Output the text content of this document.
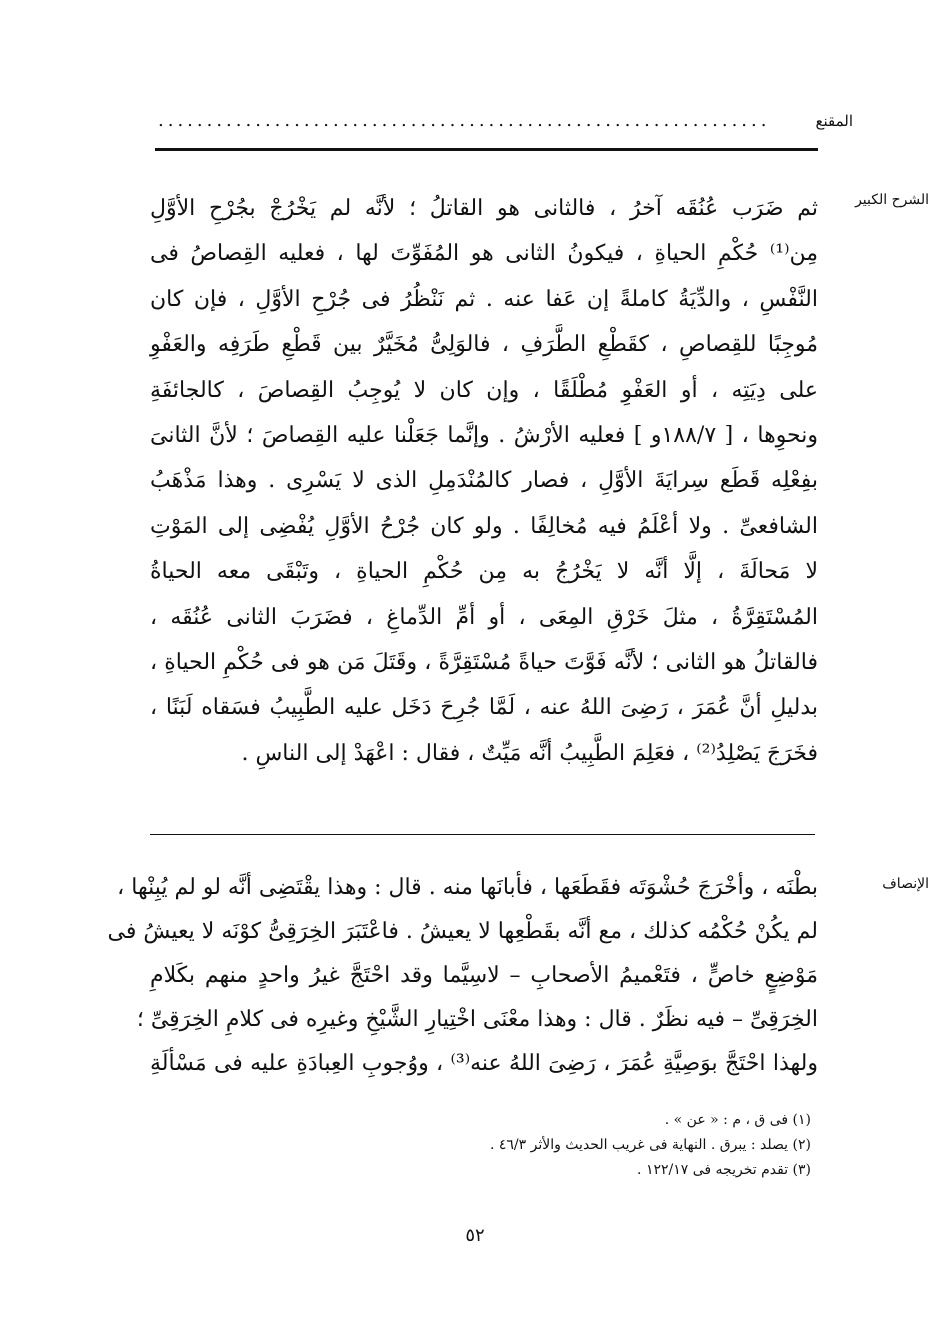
المقنع
...............................................................
الشرح الكبير
ثم ضَرَب عُنُقَه آخرُ ، فالثانى هو القاتلُ ؛ لأنَّه لم يَخْرُجْ بجُرْحِ الأوَّلِ
مِن⁽¹⁾ حُكْمِ الحياةِ ، فيكونُ الثانى هو المُفَوِّتَ لها ، فعليه القِصاصُ فى
النَّفْسِ ، والدِّيَةُ كاملةً إن عَفا عنه . ثم نَنْظُرُ فى جُرْحِ الأوَّلِ ، فإن كان
مُوجِبًا للقِصاصِ ، كقَطْعِ الطَّرَفِ ، فالوَلِىُّ مُخَيَّرٌ بين قَطْعِ طَرَفِه والعَفْوِ
على دِيَتِه ، أو العَفْوِ مُطْلَقًا ، وإن كان لا يُوجِبُ القِصاصَ ، كالجائفَةِ
ونحوِها ، [ ١٨٨/٧و ] فعليه الأرْشُ . وإنَّما جَعَلْنا عليه القِصاصَ ؛ لأنَّ الثانىَ
بفِعْلِه قَطَع سِرايَةَ الأوَّلِ ، فصار كالمُنْدَمِلِ الذى لا يَسْرِى . وهذا مَذْهَبُ
الشافعىِّ . ولا أعْلَمُ فيه مُخالِفًا . ولو كان جُرْحُ الأوَّلِ يُفْضِى إلى المَوْتِ
لا مَحالَةَ ، إلَّا أنَّه لا يَخْرُجُ به مِن حُكْمِ الحياةِ ، وتَبْقَى معه الحياةُ
المُسْتَقِرَّةُ ، مثلَ خَرْقِ المِعَى ، أو أمِّ الدِّماغِ ، فضَرَبَ الثانى عُنُقَه ،
فالقاتلُ هو الثانى ؛ لأنَّه فَوَّتَ حياةً مُسْتَقِرَّةً ، وقَتَلَ مَن هو فى حُكْمِ الحياةِ ،
بدليلِ أنَّ عُمَرَ ، رَضِىَ اللهُ عنه ، لَمَّا جُرِحَ دَخَل عليه الطَّبِيبُ فسَقاه لَبَنًا ،
فخَرَجَ يَصْلِدُ⁽²⁾ ، فعَلِمَ الطَّبِيبُ أنَّه مَيِّتٌ ، فقال : اعْهَدْ إلى الناسِ .
الإنصاف
بطْنَه ، وأخْرَجَ حُشْوَتَه فقَطَعَها ، فأبانَها منه . قال : وهذا يقْتَضِى أنَّه لو لم يُبِنْها ،
لم يكُنْ حُكْمُه كذلك ، مع أنَّه بقَطْعِها لا يعيشُ . فاعْتَبَرَ الخِرَقِىُّ كوْنَه لا يعيشُ فى
مَوْضِعٍ خاصٍّ ، فتَعْميمُ الأصحابِ – لاسِيَّما وقد احْتَجَّ غيرُ واحدٍ منهم بكَلامِ
الخِرَقِىِّ – فيه نظَرٌ . قال : وهذا معْنَى اخْتِيارِ الشَّيْخِ وغيرِه فى كلامِ الخِرَقِىِّ ؛
ولهذا احْتَجَّ بوَصِيَّةِ عُمَرَ ، رَضِىَ اللهُ عنه⁽³⁾ ، ووُجوبِ العِبادَةِ عليه فى مَسْألَةِ
(١) فى ق ، م : « عن » .
(٢) يصلد : يبرق . النهاية فى غريب الحديث والأثر ٤٦/٣ .
(٣) تقدم تخريجه فى ١٢٢/١٧ .
٥٢
